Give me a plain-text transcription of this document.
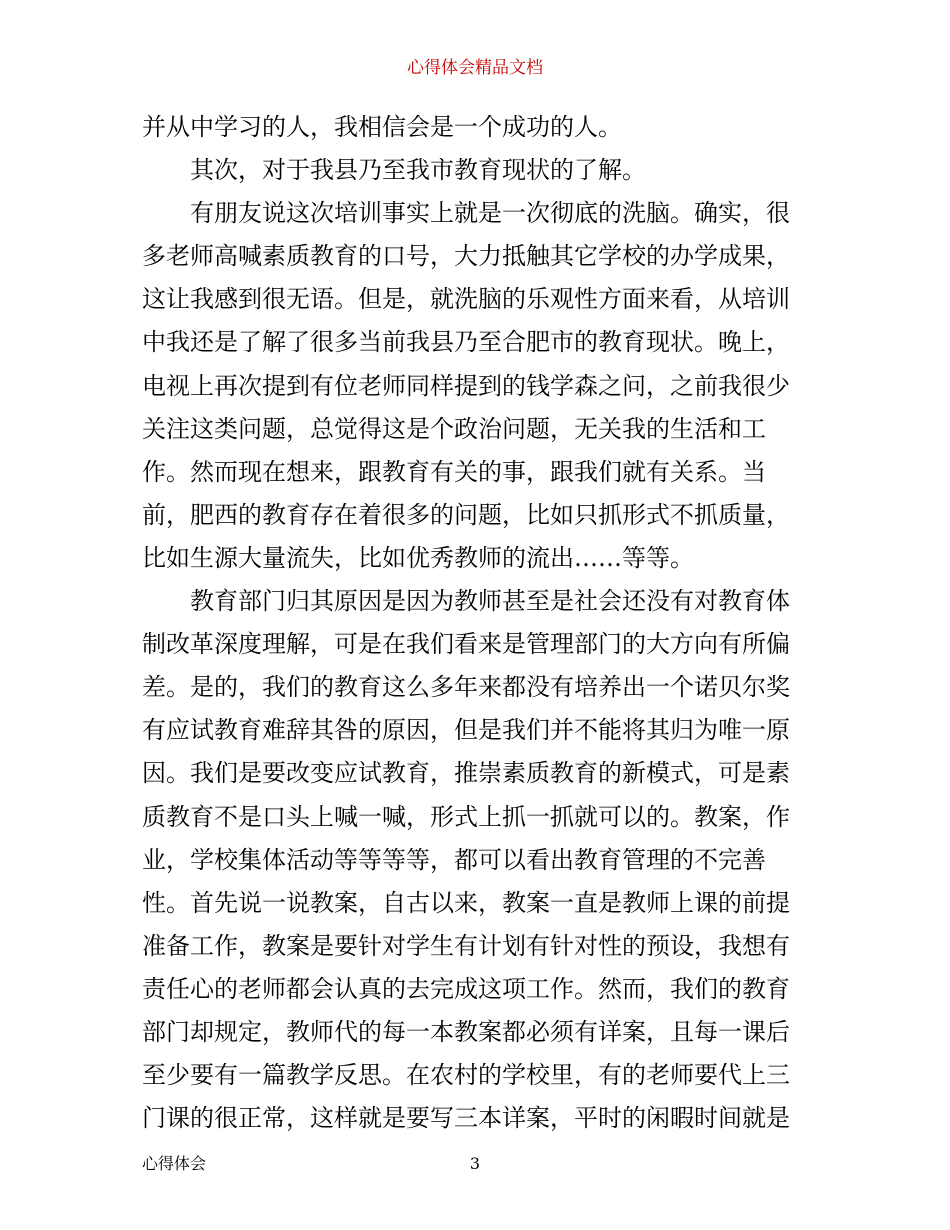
心得体会精品文档
并从中学习的人，我相信会是一个成功的人。
其次，对于我县乃至我市教育现状的了解。
有朋友说这次培训事实上就是一次彻底的洗脑。确实，很
多老师高喊素质教育的口号，大力抵触其它学校的办学成果，
这让我感到很无语。但是，就洗脑的乐观性方面来看，从培训
中我还是了解了很多当前我县乃至合肥市的教育现状。晚上，
电视上再次提到有位老师同样提到的钱学森之问，之前我很少
关注这类问题，总觉得这是个政治问题，无关我的生活和工
作。然而现在想来，跟教育有关的事，跟我们就有关系。当
前，肥西的教育存在着很多的问题，比如只抓形式不抓质量，
比如生源大量流失，比如优秀教师的流出……等等。
教育部门归其原因是因为教师甚至是社会还没有对教育体
制改革深度理解，可是在我们看来是管理部门的大方向有所偏
差。是的，我们的教育这么多年来都没有培养出一个诺贝尔奖
有应试教育难辞其咎的原因，但是我们并不能将其归为唯一原
因。我们是要改变应试教育，推崇素质教育的新模式，可是素
质教育不是口头上喊一喊，形式上抓一抓就可以的。教案，作
业，学校集体活动等等等等，都可以看出教育管理的不完善
性。首先说一说教案，自古以来，教案一直是教师上课的前提
准备工作，教案是要针对学生有计划有针对性的预设，我想有
责任心的老师都会认真的去完成这项工作。然而，我们的教育
部门却规定，教师代的每一本教案都必须有详案，且每一课后
至少要有一篇教学反思。在农村的学校里，有的老师要代上三
门课的很正常，这样就是要写三本详案，平时的闲暇时间就是
心得体会	3
